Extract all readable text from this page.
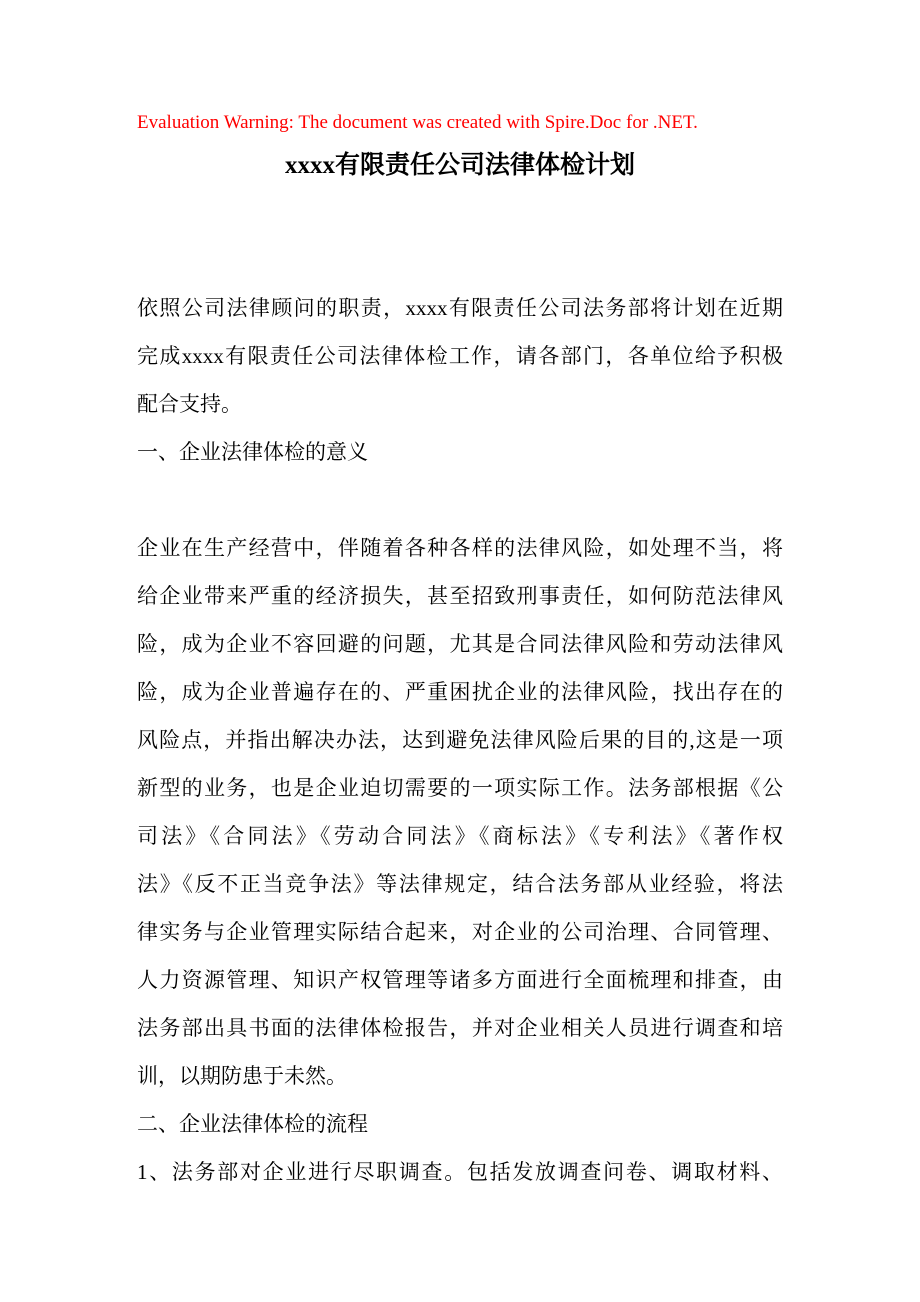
Evaluation Warning: The document was created with Spire.Doc for .NET.
xxxx有限责任公司法律体检计划
依照公司法律顾问的职责，xxxx有限责任公司法务部将计划在近期
完成xxxx有限责任公司法律体检工作，请各部门，各单位给予积极
配合支持。
一、企业法律体检的意义

企业在生产经营中，伴随着各种各样的法律风险，如处理不当，将
给企业带来严重的经济损失，甚至招致刑事责任，如何防范法律风
险，成为企业不容回避的问题，尤其是合同法律风险和劳动法律风
险，成为企业普遍存在的、严重困扰企业的法律风险，找出存在的
风险点，并指出解决办法，达到避免法律风险后果的目的,这是一项
新型的业务，也是企业迫切需要的一项实际工作。法务部根据《公
司法》《合同法》《劳动合同法》《商标法》《专利法》《著作权
法》《反不正当竞争法》等法律规定，结合法务部从业经验，将法
律实务与企业管理实际结合起来，对企业的公司治理、合同管理、
人力资源管理、知识产权管理等诸多方面进行全面梳理和排查，由
法务部出具书面的法律体检报告，并对企业相关人员进行调查和培
训，以期防患于未然。
二、企业法律体检的流程
1、法务部对企业进行尽职调查。包括发放调查问卷、调取材料、
